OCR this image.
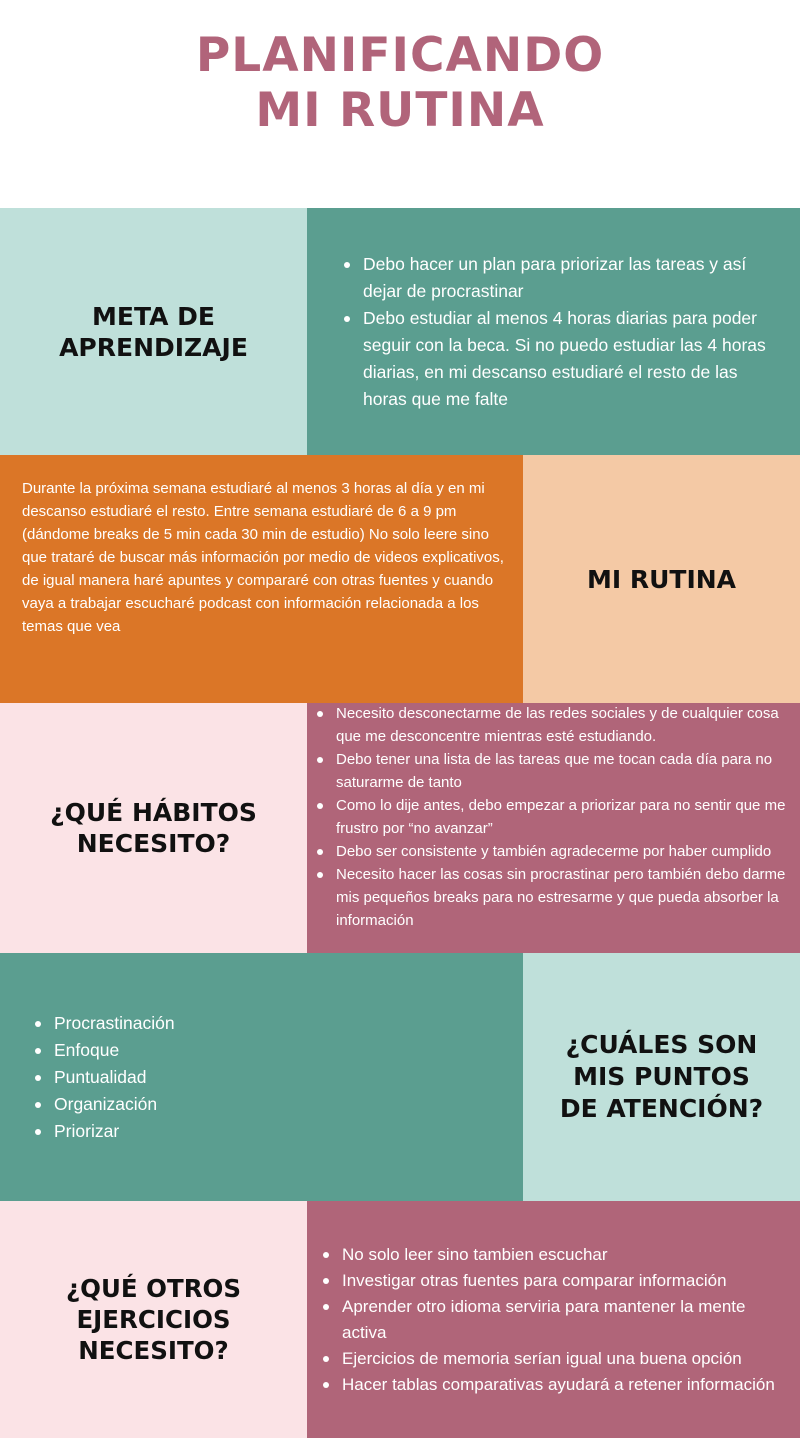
PLANIFICANDO
MI RUTINA
META DE
APRENDIZAJE
Debo hacer un plan para priorizar las tareas y así dejar de procrastinar
Debo estudiar al menos 4 horas diarias para poder seguir con la beca. Si no puedo estudiar las 4 horas diarias, en mi descanso estudiaré el resto de las horas que me falte

Durante la próxima semana estudiaré al menos 3 horas al día y en mi descanso estudiaré el resto. Entre semana estudiaré de 6 a 9 pm (dándome breaks de 5 min cada 30 min de estudio) No solo leere sino que trataré de buscar más información por medio de videos explicativos, de igual manera haré apuntes y compararé con otras fuentes y cuando vaya a trabajar escucharé podcast con información relacionada a los temas que vea

MI RUTINA
¿QUÉ HÁBITOS
NECESITO?
Necesito desconectarme de las redes sociales y de cualquier cosa que me desconcentre mientras esté estudiando.
Debo tener una lista de las tareas que me tocan cada día para no saturarme de tanto
Como lo dije antes, debo empezar a priorizar para no sentir que me frustro por “no avanzar”
Debo ser consistente y también agradecerme por haber cumplido
Necesito hacer las cosas sin procrastinar pero también debo darme mis pequeños breaks para no estresarme y que pueda absorber la información
Procrastinación
Enfoque
Puntualidad
Organización
Priorizar
¿CUÁLES SON
MIS PUNTOS
DE ATENCIÓN?
¿QUÉ OTROS
EJERCICIOS NECESITO?
No solo leer sino tambien escuchar
Investigar otras fuentes para comparar información
Aprender otro idioma serviria para mantener la mente activa
Ejercicios de memoria serían igual una buena opción
Hacer tablas comparativas ayudará a retener información
